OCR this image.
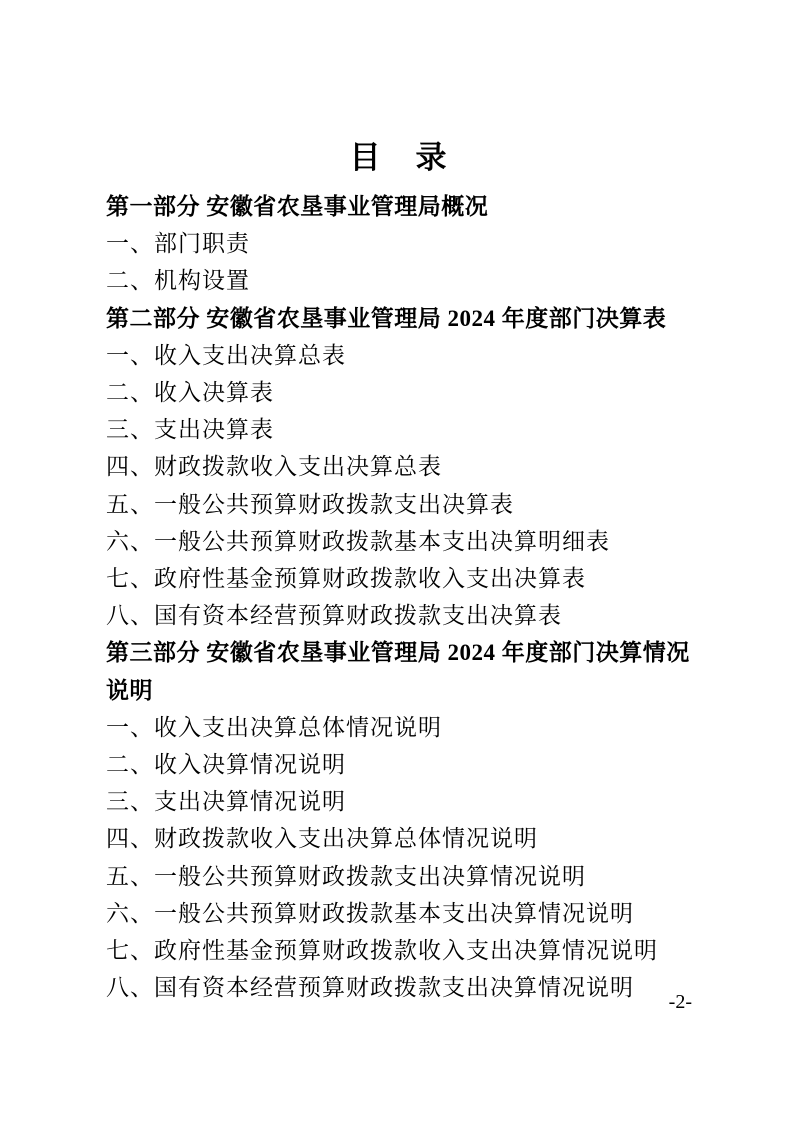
目　录
第一部分 安徽省农垦事业管理局概况
一、部门职责
二、机构设置
第二部分 安徽省农垦事业管理局 2024 年度部门决算表
一、收入支出决算总表
二、收入决算表
三、支出决算表
四、财政拨款收入支出决算总表
五、一般公共预算财政拨款支出决算表
六、一般公共预算财政拨款基本支出决算明细表
七、政府性基金预算财政拨款收入支出决算表
八、国有资本经营预算财政拨款支出决算表
第三部分 安徽省农垦事业管理局 2024 年度部门决算情况说明
一、收入支出决算总体情况说明
二、收入决算情况说明
三、支出决算情况说明
四、财政拨款收入支出决算总体情况说明
五、一般公共预算财政拨款支出决算情况说明
六、一般公共预算财政拨款基本支出决算情况说明
七、政府性基金预算财政拨款收入支出决算情况说明
八、国有资本经营预算财政拨款支出决算情况说明
-2-
